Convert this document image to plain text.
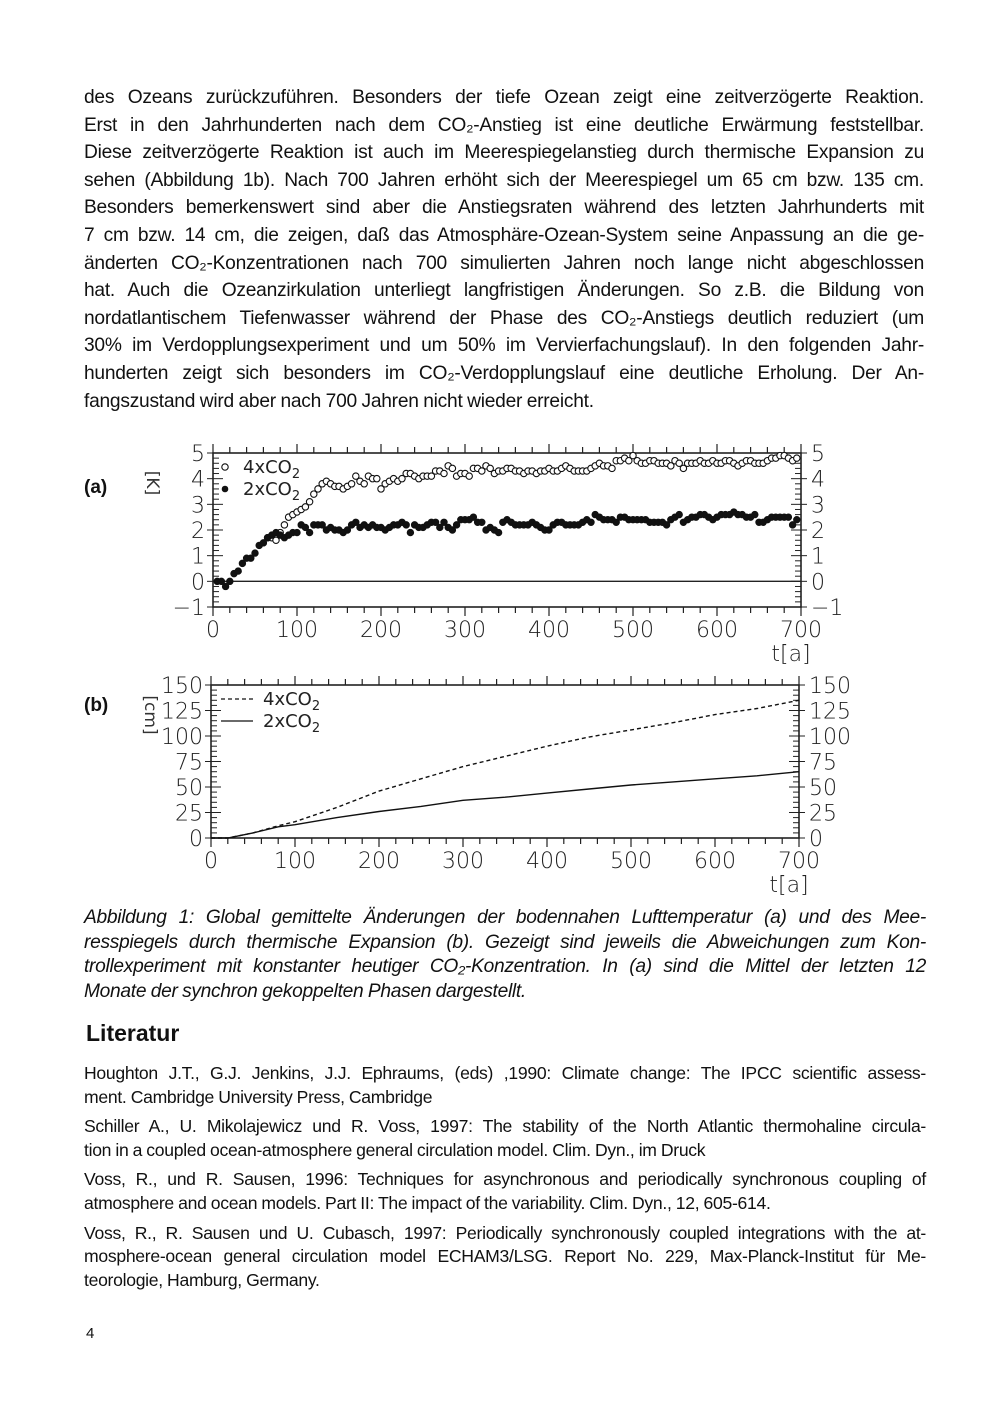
des Ozeans zurückzuführen. Besonders der tiefe Ozean zeigt eine zeitverzögerte Reaktion.
Erst in den Jahrhunderten nach dem CO₂-Anstieg ist eine deutliche Erwärmung feststellbar.
Diese zeitverzögerte Reaktion ist auch im Meerespiegelanstieg durch thermische Expansion zu
sehen (Abbildung 1b). Nach 700 Jahren erhöht sich der Meerespiegel um 65 cm bzw. 135 cm.
Besonders bemerkenswert sind aber die Anstiegsraten während des letzten Jahrhunderts mit
7 cm bzw. 14 cm, die zeigen, daß das Atmosphäre-Ozean-System seine Anpassung an die ge-
änderten CO₂-Konzentrationen nach 700 simulierten Jahren noch lange nicht abgeschlossen
hat. Auch die Ozeanzirkulation unterliegt langfristigen Änderungen. So z.B. die Bildung von
nordatlantischem Tiefenwasser während der Phase des CO₂-Anstiegs deutlich reduziert (um
30% im Verdopplungsexperiment und um 50% im Vervierfachungslauf). In den folgenden Jahr-
hunderten zeigt sich besonders im CO₂-Verdopplungslauf eine deutliche Erholung. Der An-
fangszustand wird aber nach 700 Jahren nicht wieder erreicht.
(a)
(b)
−1	−1
0	0
1	1
2	2
3	3
4	4
5	5
0	100 200 300 400 500 600 700
t[a]
[K]
4xCO$_2$
2xCO$_2$
0	0
25	25
50	50
75	75
100	100
125	125
150	150
0	100 200 300 400 500 600 700
t[a]
[cm]	4xCO$_2$
2xCO$_2$
Abbildung 1: Global gemittelte Änderungen der bodennahen Lufttemperatur (a) und des Mee-
resspiegels durch thermische Expansion (b). Gezeigt sind jeweils die Abweichungen zum Kon-
trollexperiment mit konstanter heutiger CO₂-Konzentration. In (a) sind die Mittel der letzten 12
Monate der synchron gekoppelten Phasen dargestellt.
Literatur
Houghton J.T., G.J. Jenkins, J.J. Ephraums, (eds) ,1990: Climate change: The IPCC scientific assess-
ment. Cambridge University Press, Cambridge
Schiller A., U. Mikolajewicz und R. Voss, 1997: The stability of the North Atlantic thermohaline circula-
tion in a coupled ocean-atmosphere general circulation model. Clim. Dyn., im Druck
Voss, R., und R. Sausen, 1996: Techniques for asynchronous and periodically synchronous coupling of
atmosphere and ocean models. Part II: The impact of the variability. Clim. Dyn., 12, 605-614.
Voss, R., R. Sausen und U. Cubasch, 1997: Periodically synchronously coupled integrations with the at-
mosphere-ocean general circulation model ECHAM3/LSG. Report No. 229, Max-Planck-Institut für Me-
teorologie, Hamburg, Germany.
4
